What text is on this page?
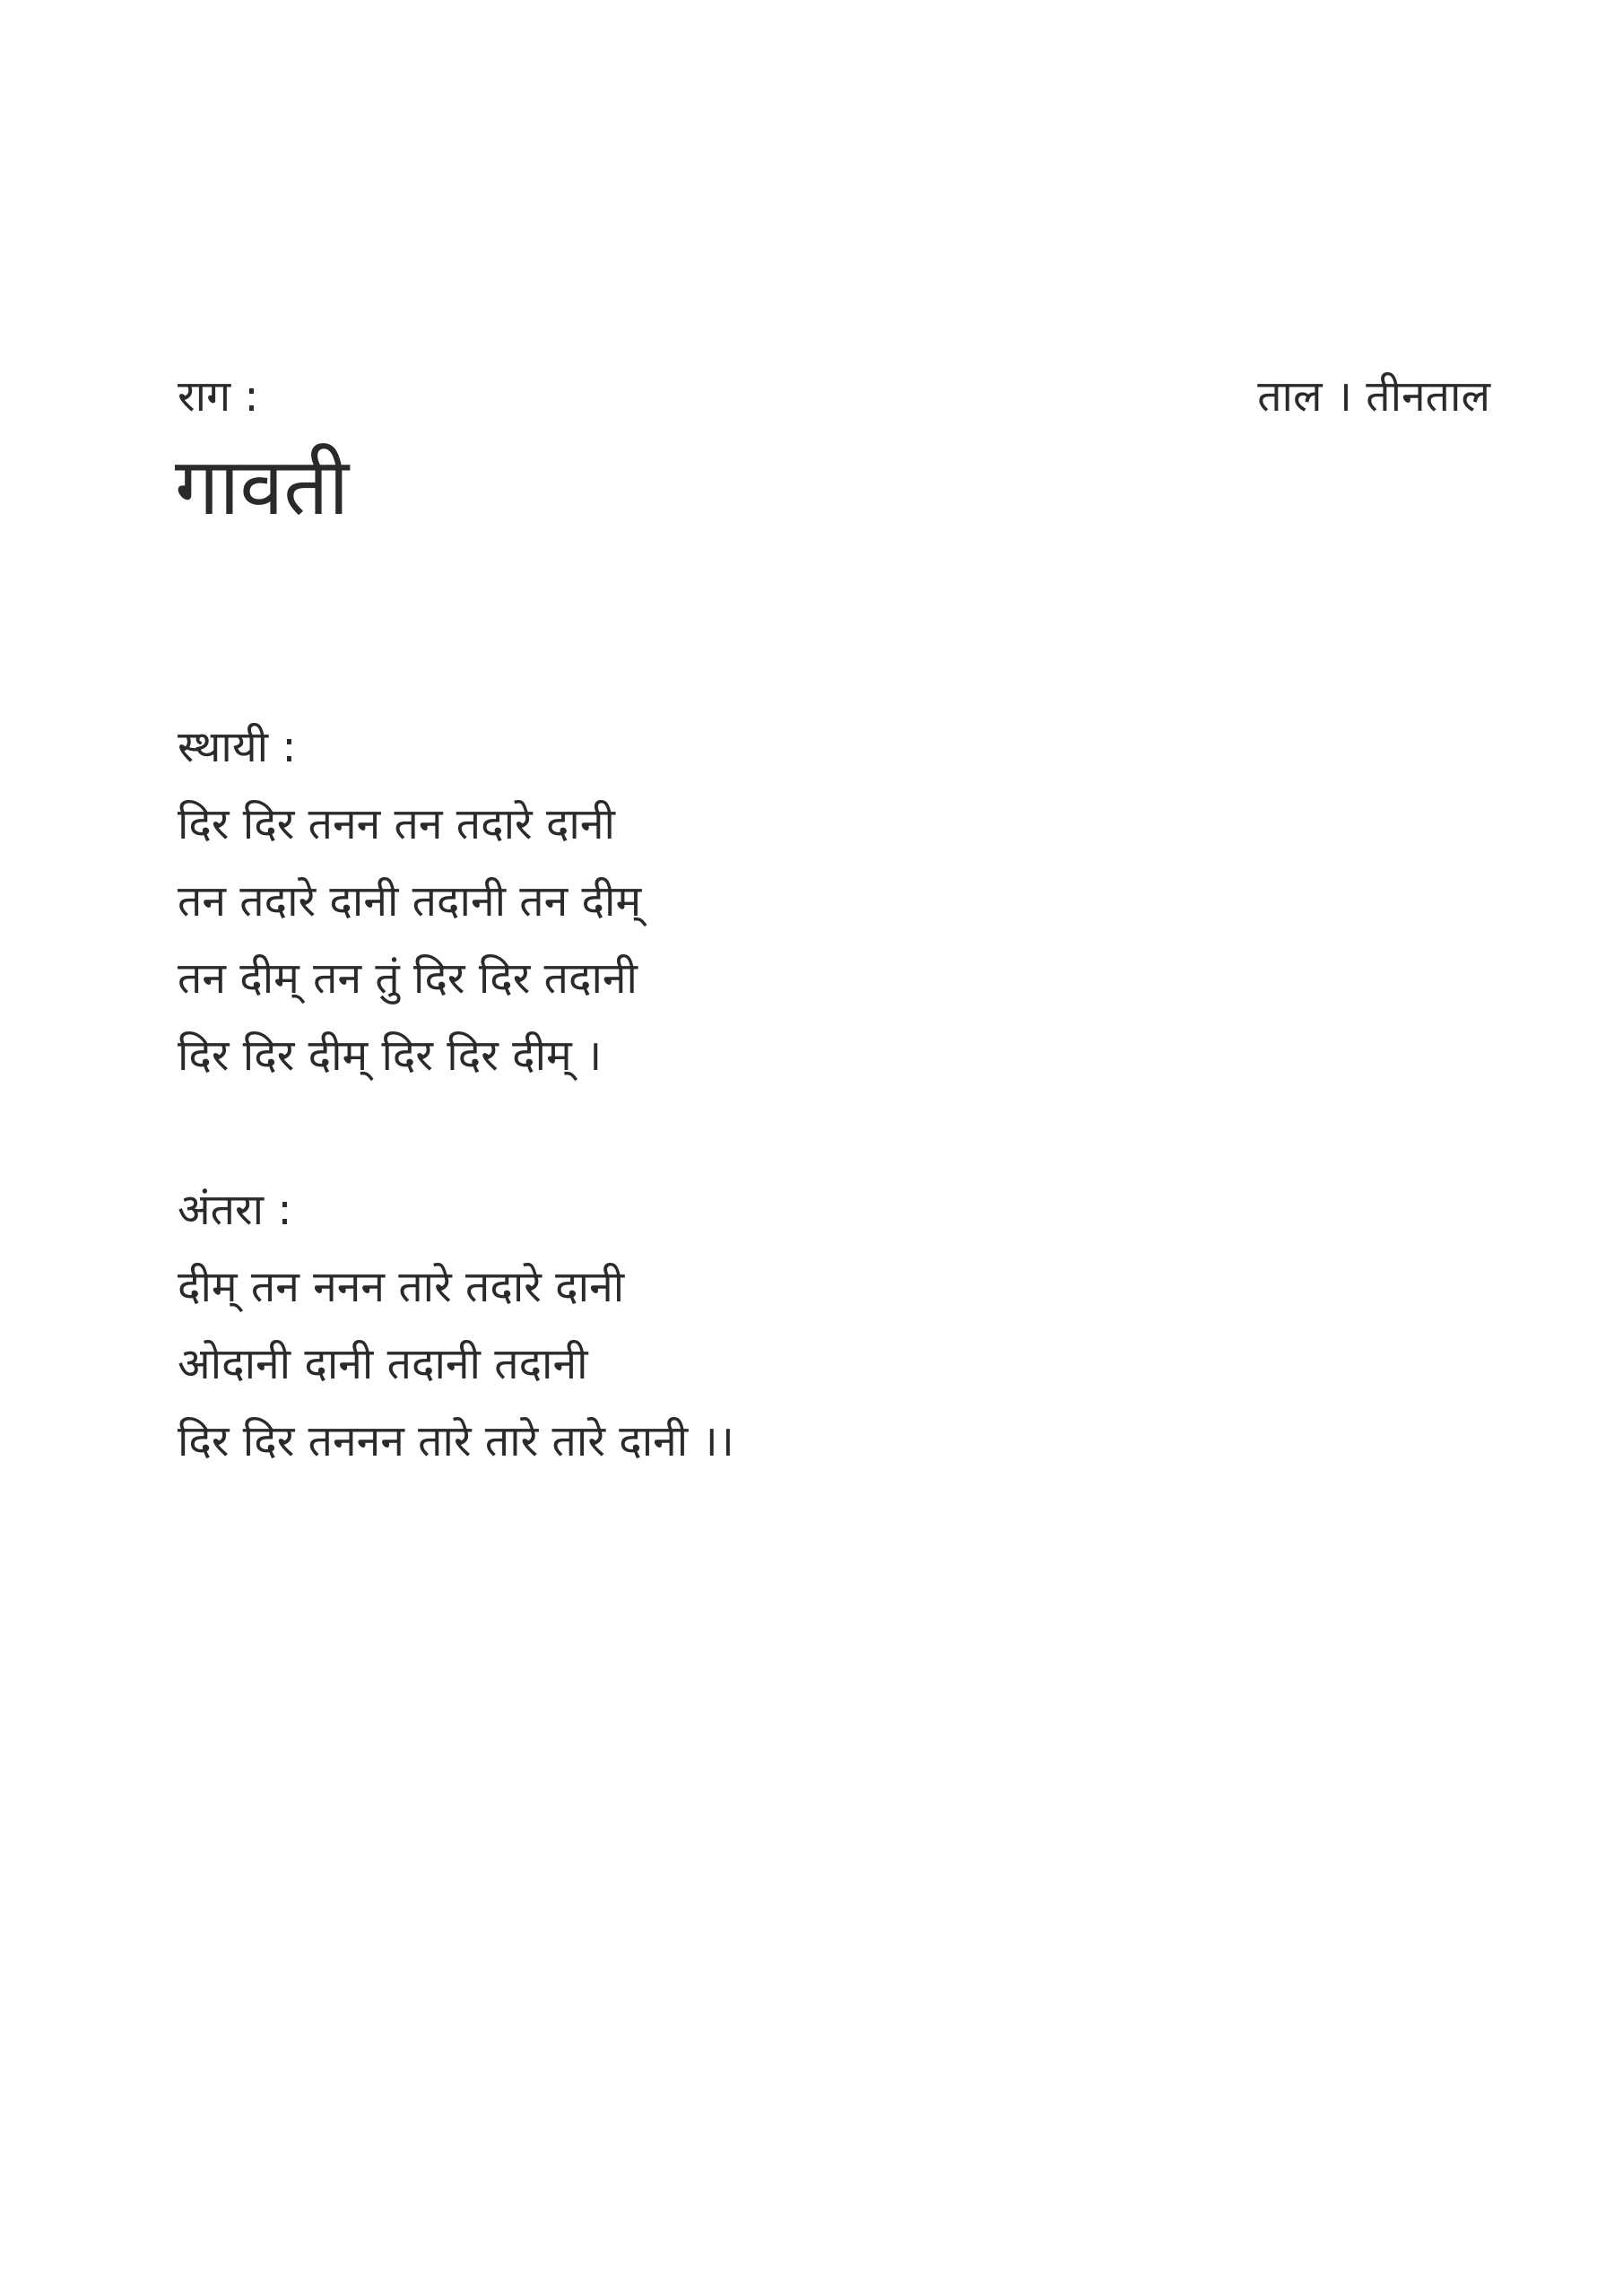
राग :
गावती
ताल । तीनताल
स्थायी :
दिर दिर तनन तन तदारे दानी
तन तदारे दानी तदानी तन दीम्
तन दीम् तन तुं दिर दिर तदानी
दिर दिर दीम् दिर दिर दीम् ।
अंतरा :
दीम् तन ननन तारे तदारे दानी
ओदानी दानी तदानी तदानी
दिर दिर तननन तारे तारे तारे दानी ।।
